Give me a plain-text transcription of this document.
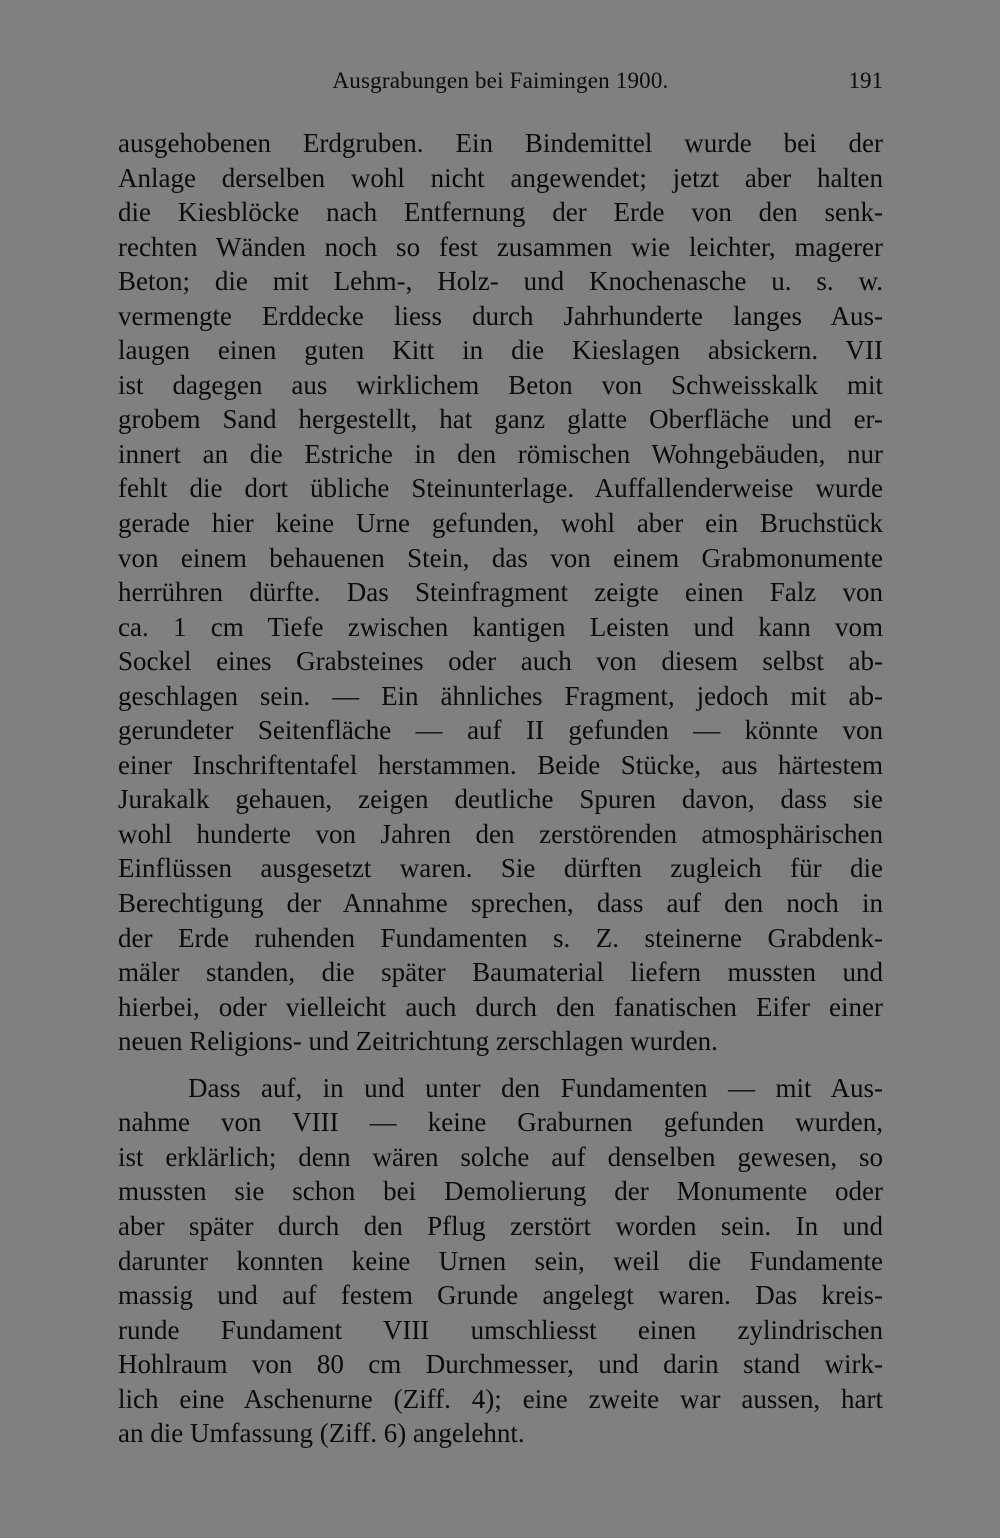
Ausgrabungen bei Faimingen 1900.	191
ausgehobenen Erdgruben. Ein Bindemittel wurde bei der
Anlage derselben wohl nicht angewendet; jetzt aber halten
die Kiesblöcke nach Entfernung der Erde von den senk-
rechten Wänden noch so fest zusammen wie leichter, magerer
Beton; die mit Lehm-, Holz- und Knochenasche u. s. w.
vermengte Erddecke liess durch Jahrhunderte langes Aus-
laugen einen guten Kitt in die Kieslagen absickern. VII
ist dagegen aus wirklichem Beton von Schweisskalk mit
grobem Sand hergestellt, hat ganz glatte Oberfläche und er-
innert an die Estriche in den römischen Wohngebäuden, nur
fehlt die dort übliche Steinunterlage. Auffallenderweise wurde
gerade hier keine Urne gefunden, wohl aber ein Bruchstück
von einem behauenen Stein, das von einem Grabmonumente
herrühren dürfte. Das Steinfragment zeigte einen Falz von
ca. 1 cm Tiefe zwischen kantigen Leisten und kann vom
Sockel eines Grabsteines oder auch von diesem selbst ab-
geschlagen sein. — Ein ähnliches Fragment, jedoch mit ab-
gerundeter Seitenfläche — auf II gefunden — könnte von
einer Inschriftentafel herstammen. Beide Stücke, aus härtestem
Jurakalk gehauen, zeigen deutliche Spuren davon, dass sie
wohl hunderte von Jahren den zerstörenden atmosphärischen
Einflüssen ausgesetzt waren. Sie dürften zugleich für die
Berechtigung der Annahme sprechen, dass auf den noch in
der Erde ruhenden Fundamenten s. Z. steinerne Grabdenk-
mäler standen, die später Baumaterial liefern mussten und
hierbei, oder vielleicht auch durch den fanatischen Eifer einer
neuen Religions- und Zeitrichtung zerschlagen wurden.
Dass auf, in und unter den Fundamenten — mit Aus-
nahme von VIII — keine Graburnen gefunden wurden,
ist erklärlich; denn wären solche auf denselben gewesen, so
mussten sie schon bei Demolierung der Monumente oder
aber später durch den Pflug zerstört worden sein. In und
darunter konnten keine Urnen sein, weil die Fundamente
massig und auf festem Grunde angelegt waren. Das kreis-
runde Fundament VIII umschliesst einen zylindrischen
Hohlraum von 80 cm Durchmesser, und darin stand wirk-
lich eine Aschenurne (Ziff. 4); eine zweite war aussen, hart
an die Umfassung (Ziff. 6) angelehnt.
